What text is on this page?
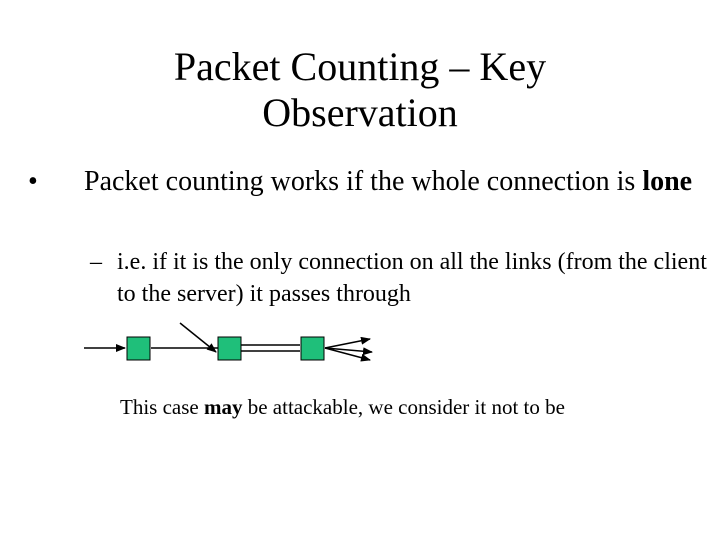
Packet Counting – Key
Observation
• Packet counting works if the whole connection is lone
– i.e. if it is the only connection on all the links (from the client to the server) it passes through
This case may be attackable, we consider it not to be
